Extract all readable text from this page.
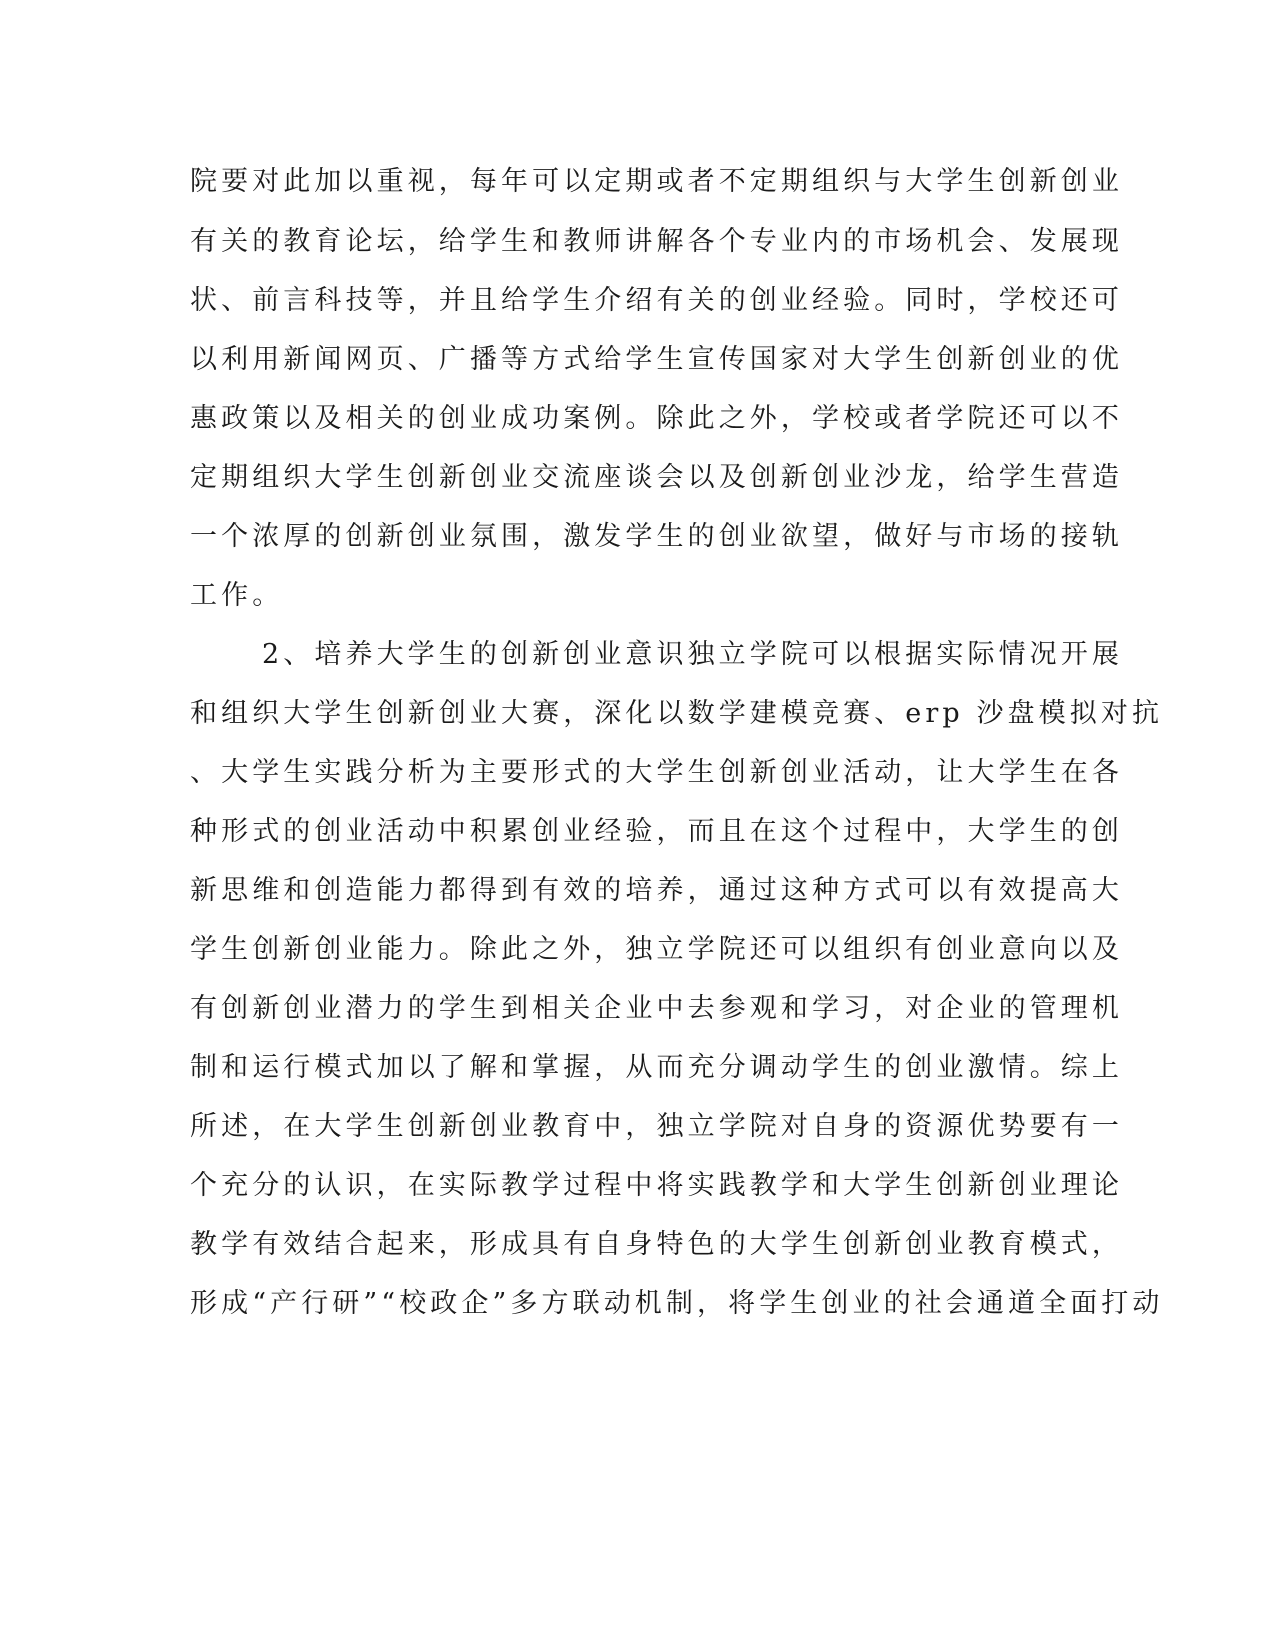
院要对此加以重视，每年可以定期或者不定期组织与大学生创新创业
有关的教育论坛，给学生和教师讲解各个专业内的市场机会、发展现
状、前言科技等，并且给学生介绍有关的创业经验。同时，学校还可
以利用新闻网页、广播等方式给学生宣传国家对大学生创新创业的优
惠政策以及相关的创业成功案例。除此之外，学校或者学院还可以不
定期组织大学生创新创业交流座谈会以及创新创业沙龙，给学生营造
一个浓厚的创新创业氛围，激发学生的创业欲望，做好与市场的接轨
工作。
2、培养大学生的创新创业意识独立学院可以根据实际情况开展
和组织大学生创新创业大赛，深化以数学建模竞赛、erp 沙盘模拟对抗
、大学生实践分析为主要形式的大学生创新创业活动，让大学生在各
种形式的创业活动中积累创业经验，而且在这个过程中，大学生的创
新思维和创造能力都得到有效的培养，通过这种方式可以有效提高大
学生创新创业能力。除此之外，独立学院还可以组织有创业意向以及
有创新创业潜力的学生到相关企业中去参观和学习，对企业的管理机
制和运行模式加以了解和掌握，从而充分调动学生的创业激情。综上
所述，在大学生创新创业教育中，独立学院对自身的资源优势要有一
个充分的认识，在实际教学过程中将实践教学和大学生创新创业理论
教学有效结合起来，形成具有自身特色的大学生创新创业教育模式，
形成“产行研”“校政企”多方联动机制，将学生创业的社会通道全面打动
